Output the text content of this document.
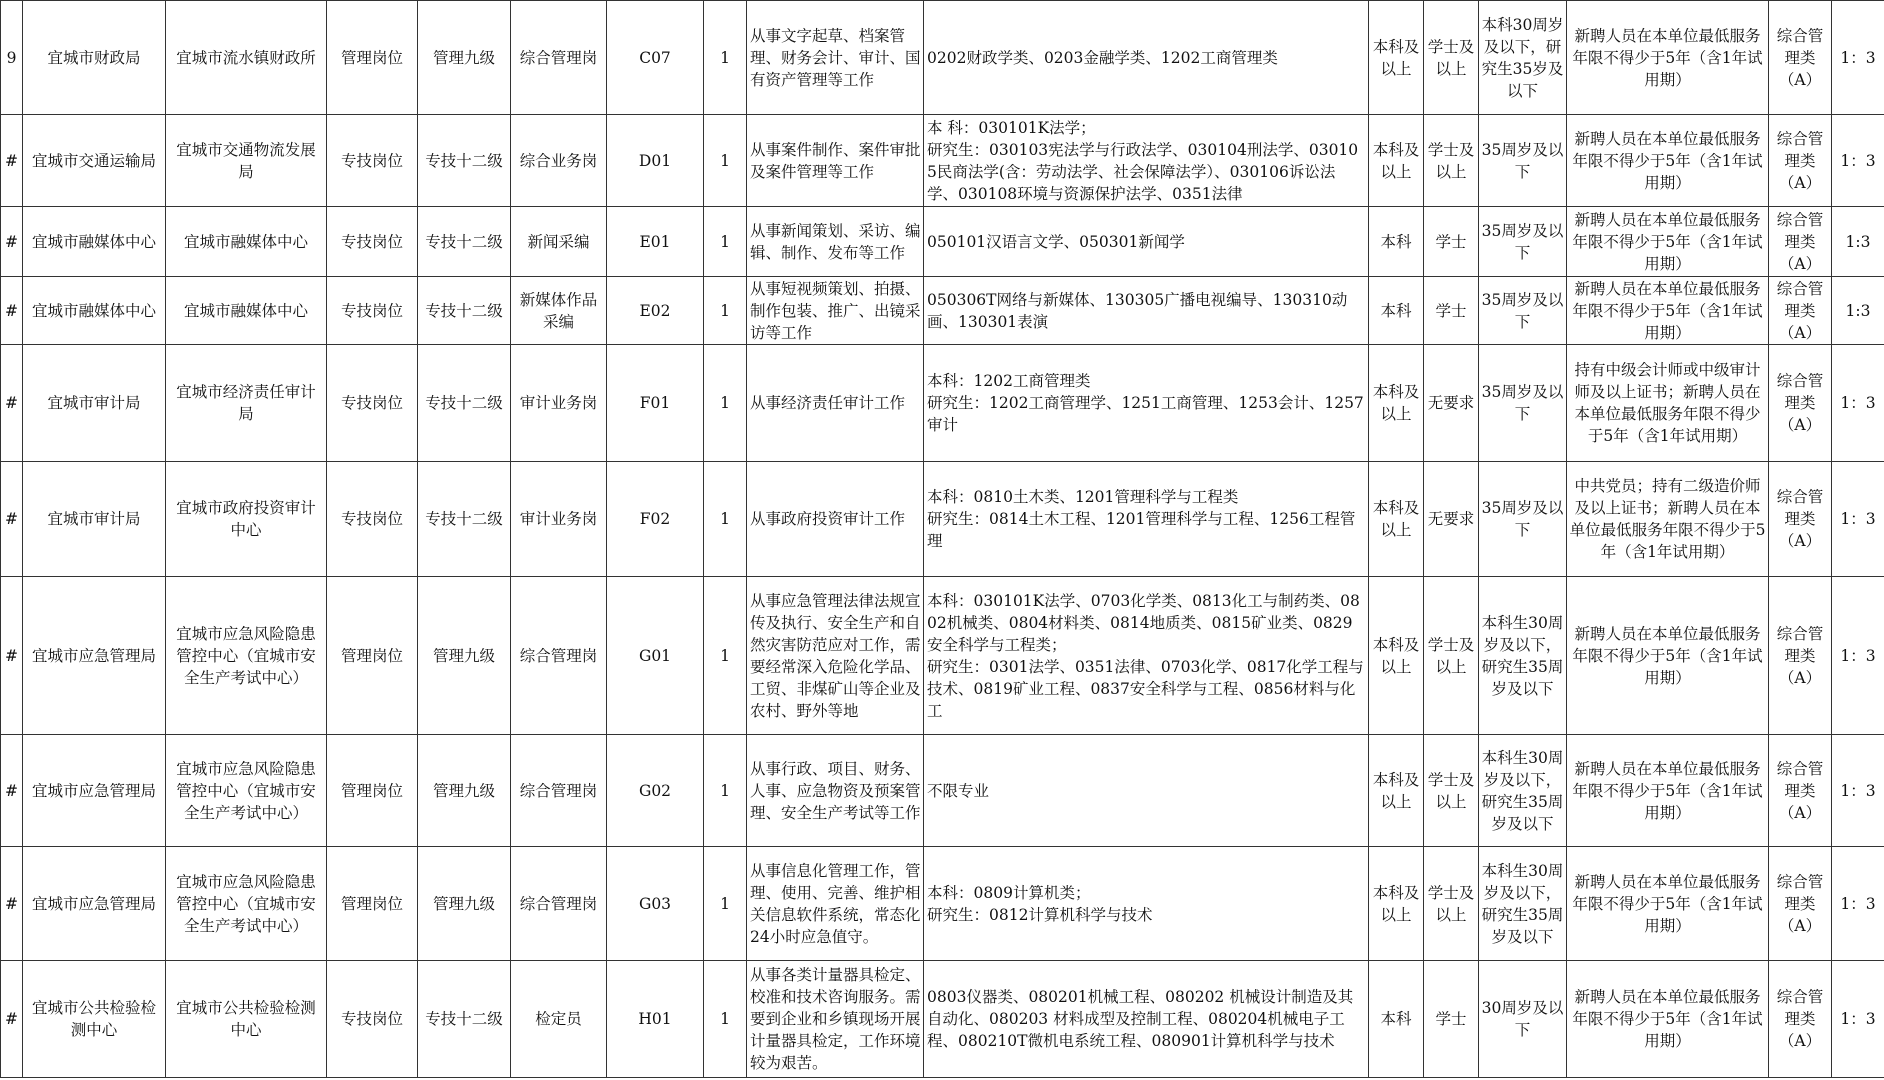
9	宜城市财政局	宜城市流水镇财政所	管理岗位	管理九级	综合管理岗	C07	1	从事文字起草、档案管理、财务会计、审计、国有资产管理等工作	0202财政学类、0203金融学类、1202工商管理类	本科及以上	学士及以上	本科30周岁及以下，研究生35岁及以下	新聘人员在本单位最低服务年限不得少于5年（含1年试用期）	综合管理类（A）	1：3
#	宜城市交通运输局	宜城市交通物流发展局	专技岗位	专技十二级	综合业务岗	D01	1	从事案件制作、案件审批及案件管理等工作	本 科：030101K法学；
研究生：030103宪法学与行政法学、030104刑法学、030105民商法学(含：劳动法学、社会保障法学）、030106诉讼法学、030108环境与资源保护法学、0351法律	本科及以上	学士及以上	35周岁及以下	新聘人员在本单位最低服务年限不得少于5年（含1年试用期）	综合管理类（A）	1：3
#	宜城市融媒体中心	宜城市融媒体中心	专技岗位	专技十二级	新闻采编	E01	1	从事新闻策划、采访、编辑、制作、发布等工作	050101汉语言文学、050301新闻学	本科	学士	35周岁及以下	新聘人员在本单位最低服务年限不得少于5年（含1年试用期）	综合管理类（A）	1:3
#	宜城市融媒体中心	宜城市融媒体中心	专技岗位	专技十二级	新媒体作品采编	E02	1	从事短视频策划、拍摄、制作包装、推广、出镜采访等工作	050306T网络与新媒体、130305广播电视编导、130310动画、130301表演	本科	学士	35周岁及以下	新聘人员在本单位最低服务年限不得少于5年（含1年试用期）	综合管理类（A）	1:3
#	宜城市审计局	宜城市经济责任审计局	专技岗位	专技十二级	审计业务岗	F01	1	从事经济责任审计工作	本科：1202工商管理类
研究生：1202工商管理学、1251工商管理、1253会计、1257审计	本科及以上	无要求	35周岁及以下	持有中级会计师或中级审计师及以上证书；新聘人员在本单位最低服务年限不得少于5年（含1年试用期）	综合管理类（A）	1：3
#	宜城市审计局	宜城市政府投资审计中心	专技岗位	专技十二级	审计业务岗	F02	1	从事政府投资审计工作	本科：0810土木类、1201管理科学与工程类
研究生：0814土木工程、1201管理科学与工程、1256工程管理	本科及以上	无要求	35周岁及以下	中共党员；持有二级造价师及以上证书；新聘人员在本单位最低服务年限不得少于5年（含1年试用期）	综合管理类（A）	1：3
#	宜城市应急管理局	宜城市应急风险隐患管控中心（宜城市安全生产考试中心）	管理岗位	管理九级	综合管理岗	G01	1	从事应急管理法律法规宣传及执行、安全生产和自然灾害防范应对工作，需要经常深入危险化学品、工贸、非煤矿山等企业及农村、野外等地	本科：030101K法学、0703化学类、0813化工与制药类、0802机械类、0804材料类、0814地质类、0815矿业类、0829安全科学与工程类；
研究生：0301法学、0351法律、0703化学、0817化学工程与技术、0819矿业工程、0837安全科学与工程、0856材料与化工	本科及以上	学士及以上	本科生30周岁及以下，研究生35周岁及以下	新聘人员在本单位最低服务年限不得少于5年（含1年试用期）	综合管理类（A）	1：3
#	宜城市应急管理局	宜城市应急风险隐患管控中心（宜城市安全生产考试中心）	管理岗位	管理九级	综合管理岗	G02	1	从事行政、项目、财务、人事、应急物资及预案管理、安全生产考试等工作	不限专业	本科及以上	学士及以上	本科生30周岁及以下，研究生35周岁及以下	新聘人员在本单位最低服务年限不得少于5年（含1年试用期）	综合管理类（A）	1：3
#	宜城市应急管理局	宜城市应急风险隐患管控中心（宜城市安全生产考试中心）	管理岗位	管理九级	综合管理岗	G03	1	从事信息化管理工作，管理、使用、完善、维护相关信息软件系统，常态化24小时应急值守。	本科：0809计算机类；
研究生：0812计算机科学与技术	本科及以上	学士及以上	本科生30周岁及以下，研究生35周岁及以下	新聘人员在本单位最低服务年限不得少于5年（含1年试用期）	综合管理类（A）	1：3
#	宜城市公共检验检测中心	宜城市公共检验检测中心	专技岗位	专技十二级	检定员	H01	1	从事各类计量器具检定、校准和技术咨询服务。需要到企业和乡镇现场开展计量器具检定，工作环境较为艰苦。	0803仪器类、080201机械工程、080202 机械设计制造及其自动化、080203 材料成型及控制工程、080204机械电子工程、080210T微机电系统工程、080901计算机科学与技术	本科	学士	30周岁及以下	新聘人员在本单位最低服务年限不得少于5年（含1年试用期）	综合管理类（A）	1：3
